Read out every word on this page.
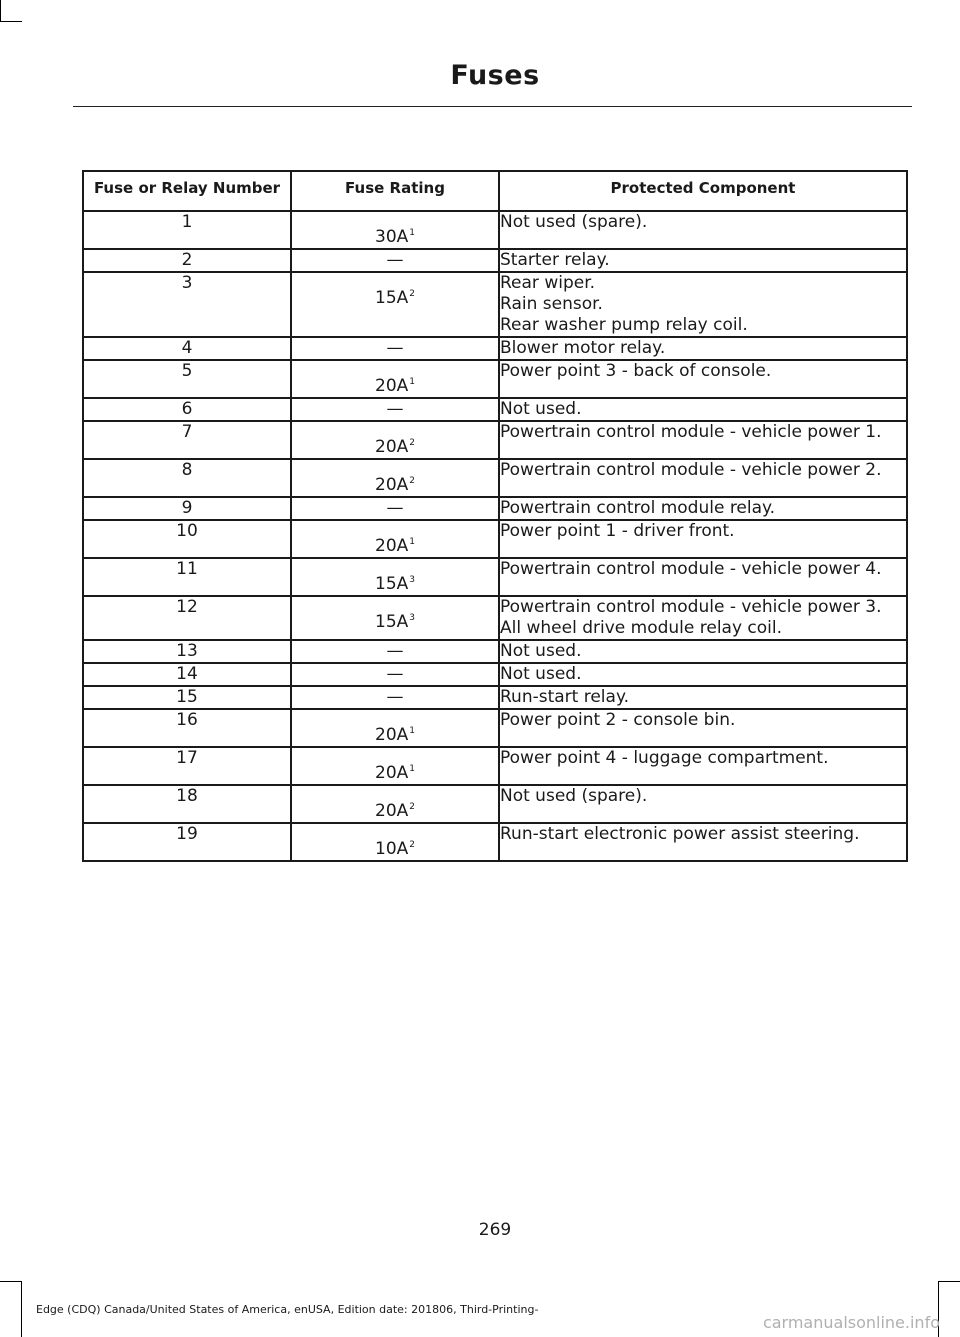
Fuses
Fuse or Relay Number	Fuse Rating	Protected Component
1	$30A^1$	Not used (spare).

2	—	Starter relay.

3	$15A^2$	Rear wiper.
Rain sensor.
Rear washer pump relay coil.

4	—	Blower motor relay.

5	$20A^1$	Power point 3 - back of console.

6	—	Not used.

7	$20A^2$	Powertrain control module - vehicle power 1.

8	$20A^2$	Powertrain control module - vehicle power 2.

9	—	Powertrain control module relay.

10	$20A^1$	Power point 1 - driver front.

11	$15A^3$	Powertrain control module - vehicle power 4.

12	$15A^3$	Powertrain control module - vehicle power 3.
All wheel drive module relay coil.

13	—	Not used.

14	—	Not used.

15	—	Run-start relay.

16	$20A^1$	Power point 2 - console bin.

17	$20A^1$	Power point 4 - luggage compartment.

18	$20A^2$	Not used (spare).

19	$10A^2$	Run-start electronic power assist steering.
269
Edge (CDQ) Canada/United States of America, enUSA, Edition date: 201806, Third-Printing-
carmanualsonline.info
